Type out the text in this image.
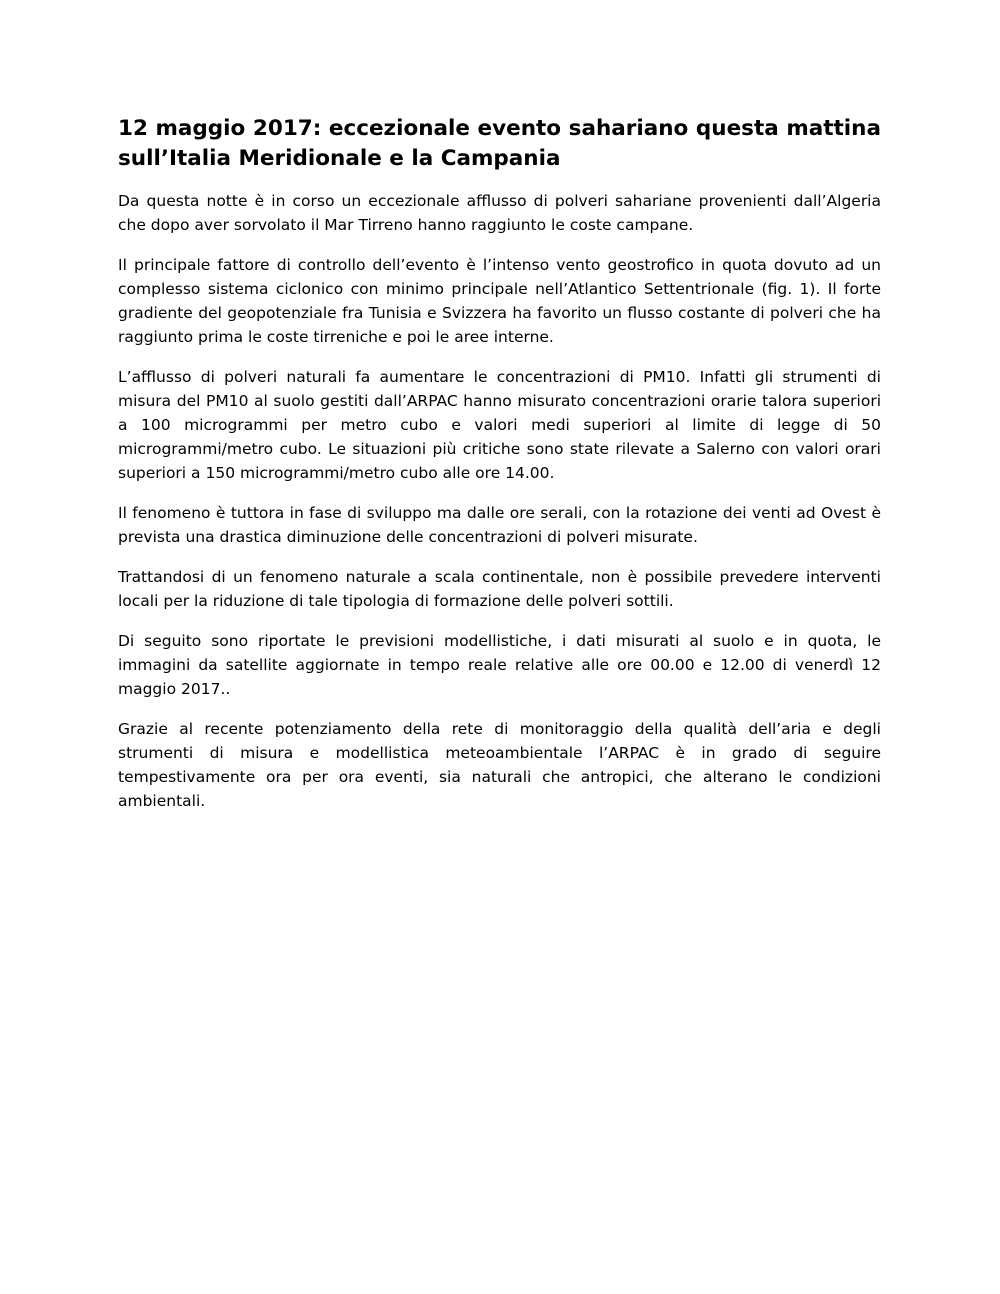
12 maggio 2017: eccezionale evento sahariano questa mattina sull’Italia Meridionale e la Campania

Da questa notte è in corso un eccezionale afflusso di polveri sahariane provenienti dall’Algeria che dopo aver sorvolato il Mar Tirreno hanno raggiunto le coste campane.

Il principale fattore di controllo dell’evento è l’intenso vento geostrofico in quota dovuto ad un complesso sistema ciclonico con minimo principale nell’Atlantico Settentrionale (fig. 1). Il forte gradiente del geopotenziale fra Tunisia e Svizzera ha favorito un flusso costante di polveri che ha raggiunto prima le coste tirreniche e poi le aree interne.

L’afflusso di polveri naturali fa aumentare le concentrazioni di PM10. Infatti gli strumenti di misura del PM10 al suolo gestiti dall’ARPAC hanno misurato concentrazioni orarie talora superiori a 100 microgrammi per metro cubo e valori medi superiori al limite di legge di 50 microgrammi/metro cubo. Le situazioni più critiche sono state rilevate a Salerno con valori orari superiori a 150 microgrammi/metro cubo alle ore 14.00.

Il fenomeno è tuttora in fase di sviluppo ma dalle ore serali, con la rotazione dei venti ad Ovest è prevista una drastica diminuzione delle concentrazioni di polveri misurate.

Trattandosi di un fenomeno naturale a scala continentale, non è possibile prevedere interventi locali per la riduzione di tale tipologia di formazione delle polveri sottili.

Di seguito sono riportate le previsioni modellistiche, i dati misurati al suolo e in quota, le immagini da satellite aggiornate in tempo reale relative alle ore 00.00 e 12.00 di venerdì 12 maggio 2017..

Grazie al recente potenziamento della rete di monitoraggio della qualità dell’aria e degli strumenti di misura e modellistica meteoambientale l’ARPAC è in grado di seguire tempestivamente ora per ora eventi, sia naturali che antropici, che alterano le condizioni ambientali.
